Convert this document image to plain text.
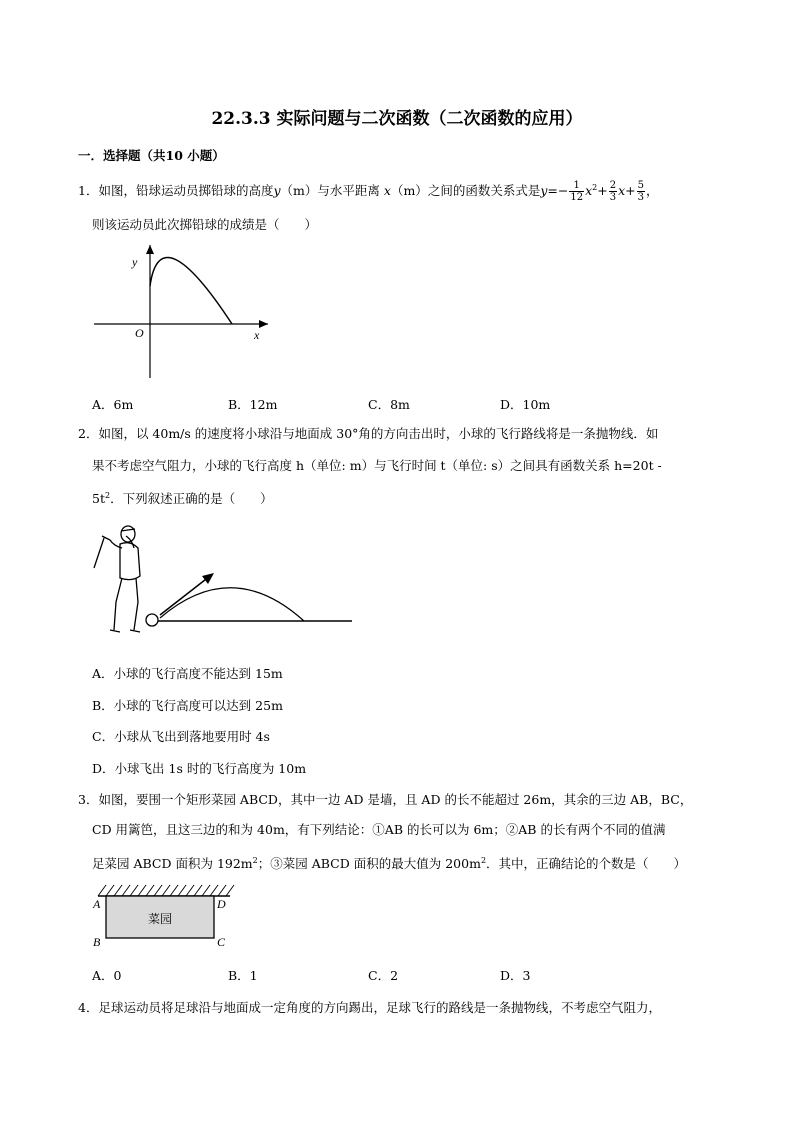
22.3.3 实际问题与二次函数（二次函数的应用）
一．选择题（共10 小题）
1．如图，铅球运动员掷铅球的高度y（m）与水平距离 x（m）之间的函数关系式是$y=- \frac{1}{12} x^2+ \frac{2}{3} x+ \frac{5}{3}$ ，
则该运动员此次掷铅球的成绩是（　　）
y
O	x
A．6m	B．12m	C．8m	D．10m
2．如图，以 40m/s 的速度将小球沿与地面成 30°角的方向击出时，小球的飞行路线将是一条抛物线．如
果不考虑空气阻力，小球的飞行高度 h（单位: m）与飞行时间 t（单位: s）之间具有函数关系 h=20t -
$5t^2$．下列叙述正确的是（　　）
A．小球的飞行高度不能达到 15m
B．小球的飞行高度可以达到 25m
C．小球从飞出到落地要用时 4s
D．小球飞出 1s 时的飞行高度为 10m
3．如图，要围一个矩形菜园 ABCD，其中一边 AD 是墙，且 AD 的长不能超过 26m，其余的三边 AB，BC，
CD 用篱笆，且这三边的和为 40m，有下列结论：①AB 的长可以为 6m；②AB 的长有两个不同的值满
足菜园 ABCD 面积为 $192m^2$；③菜园 ABCD 面积的最大值为 $200m^2$．其中，正确结论的个数是（　　）
菜园
A	D
B	C
A．0	B．1	C．2	D．3
4．足球运动员将足球沿与地面成一定角度的方向踢出，足球飞行的路线是一条抛物线，不考虑空气阻力，
